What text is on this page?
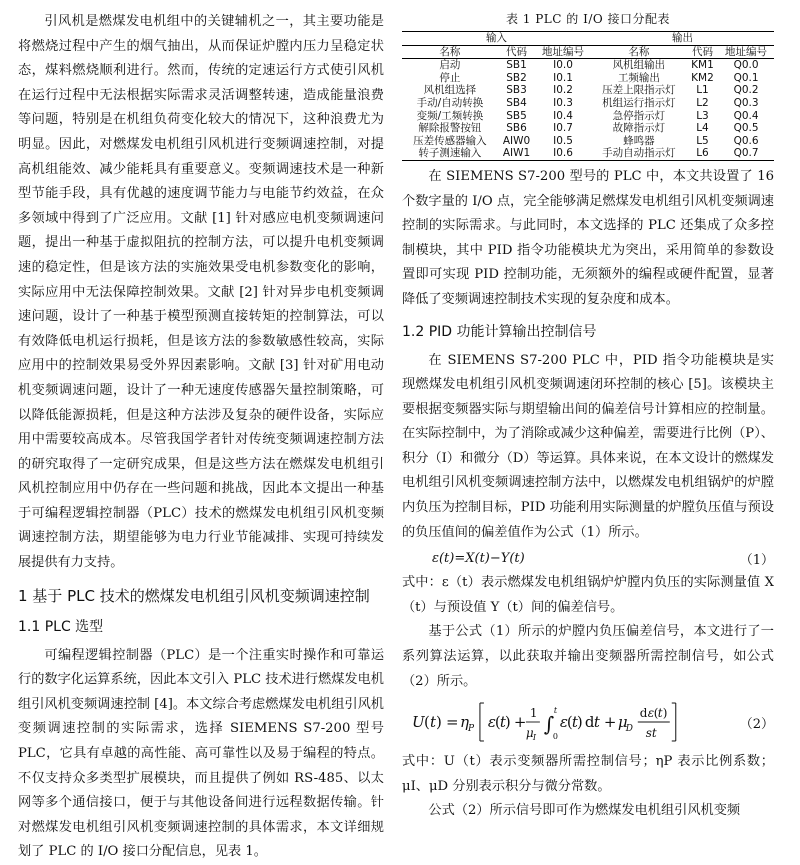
引风机是燃煤发电机组中的关键辅机之一，其主要功能是将燃烧过程中产生的烟气抽出，从而保证炉膛内压力呈稳定状态，煤料燃烧顺利进行。然而，传统的定速运行方式使引风机在运行过程中无法根据实际需求灵活调整转速，造成能量浪费等问题，特别是在机组负荷变化较大的情况下，这种浪费尤为明显。因此，对燃煤发电机组引风机进行变频调速控制，对提高机组能效、减少能耗具有重要意义。变频调速技术是一种新型节能手段，具有优越的速度调节能力与电能节约效益，在众多领域中得到了广泛应用。文献 [1] 针对感应电机变频调速问题，提出一种基于虚拟阻抗的控制方法，可以提升电机变频调速的稳定性，但是该方法的实施效果受电机参数变化的影响，实际应用中无法保障控制效果。文献 [2] 针对异步电机变频调速问题，设计了一种基于模型预测直接转矩的控制算法，可以有效降低电机运行损耗，但是该方法的参数敏感性较高，实际应用中的控制效果易受外界因素影响。文献 [3] 针对矿用电动机变频调速问题，设计了一种无速度传感器矢量控制策略，可以降低能源损耗，但是这种方法涉及复杂的硬件设备，实际应用中需要较高成本。尽管我国学者针对传统变频调速控制方法的研究取得了一定研究成果，但是这些方法在燃煤发电机组引风机控制应用中仍存在一些问题和挑战，因此本文提出一种基于可编程逻辑控制器（PLC）技术的燃煤发电机组引风机变频调速控制方法，期望能够为电力行业节能减排、实现可持续发展提供有力支持。

1 基于 PLC 技术的燃煤发电机组引风机变频调速控制
1.1 PLC 选型

可编程逻辑控制器（PLC）是一个注重实时操作和可靠运行的数字化运算系统，因此本文引入 PLC 技术进行燃煤发电机组引风机变频调速控制 [4]。本文综合考虑燃煤发电机组引风机变频调速控制的实际需求，选择 SIEMENS S7-200 型号 PLC，它具有卓越的高性能、高可靠性以及易于编程的特点。不仅支持众多类型扩展模块，而且提供了例如 RS-485、以太网等多个通信接口，便于与其他设备间进行远程数据传输。针对燃煤发电机组引风机变频调速控制的具体需求，本文详细规划了 PLC 的 I/O 接口分配信息，见表 1。

表 1 PLC 的 I/O 接口分配表
输入			输出		
名称	代码	地址编号	名称	代码	地址编号
启动	SB1	I0.0	风机组输出	KM1	Q0.0
停止	SB2	I0.1	工频输出	KM2	Q0.1
风机组选择	SB3	I0.2	压差上限指示灯	L1	Q0.2
手动/自动转换	SB4	I0.3	机组运行指示灯	L2	Q0.3
变频/工频转换	SB5	I0.4	急停指示灯	L3	Q0.4
解除报警按钮	SB6	I0.7	故障指示灯	L4	Q0.5
压差传感器输入	AIW0	I0.5	蜂鸣器	L5	Q0.6
转子测速输入	AIW1	I0.6	手动自动指示灯	L6	Q0.7

在 SIEMENS S7-200 型号的 PLC 中，本文共设置了 16 个数字量的 I/O 点，完全能够满足燃煤发电机组引风机变频调速控制的实际需求。与此同时，本文选择的 PLC 还集成了众多控制模块，其中 PID 指令功能模块尤为突出，采用简单的参数设置即可实现 PID 控制功能，无须额外的编程或硬件配置，显著降低了变频调速控制技术实现的复杂度和成本。

1.2 PID 功能计算输出控制信号

在 SIEMENS S7-200 PLC 中，PID 指令功能模块是实现燃煤发电机组引风机变频调速闭环控制的核心 [5]。该模块主要根据变频器实际与期望输出间的偏差信号计算相应的控制量。在实际控制中，为了消除或减少这种偏差，需要进行比例（P）、积分（I）和微分（D）等运算。具体来说，在本文设计的燃煤发电机组引风机变频调速控制方法中，以燃煤发电机组锅炉的炉膛内负压为控制目标，PID 功能利用实际测量的炉膛负压值与预设的负压值间的偏差值作为公式（1）所示。

ε(t)=X(t)−Y(t)	（1）

式中：ε（t）表示燃煤发电机组锅炉炉膛内负压的实际测量值 X（t）与预设值 Y（t）间的偏差信号。

基于公式（1）所示的炉膛内负压偏差信号，本文进行了一系列算法运算，以此获取并输出变频器所需控制信号，如公式（2）所示。

U ( t ) = η P ε
( t
) + 1
μ I
∫
t
0
ε
( t
) d t + μ
D
d ε ( t )
st
（2）

式中：U（t）表示变频器所需控制信号；ηP 表示比例系数；μI、μD 分别表示积分与微分常数。

公式（2）所示信号即可作为燃煤发电机组引风机变频
